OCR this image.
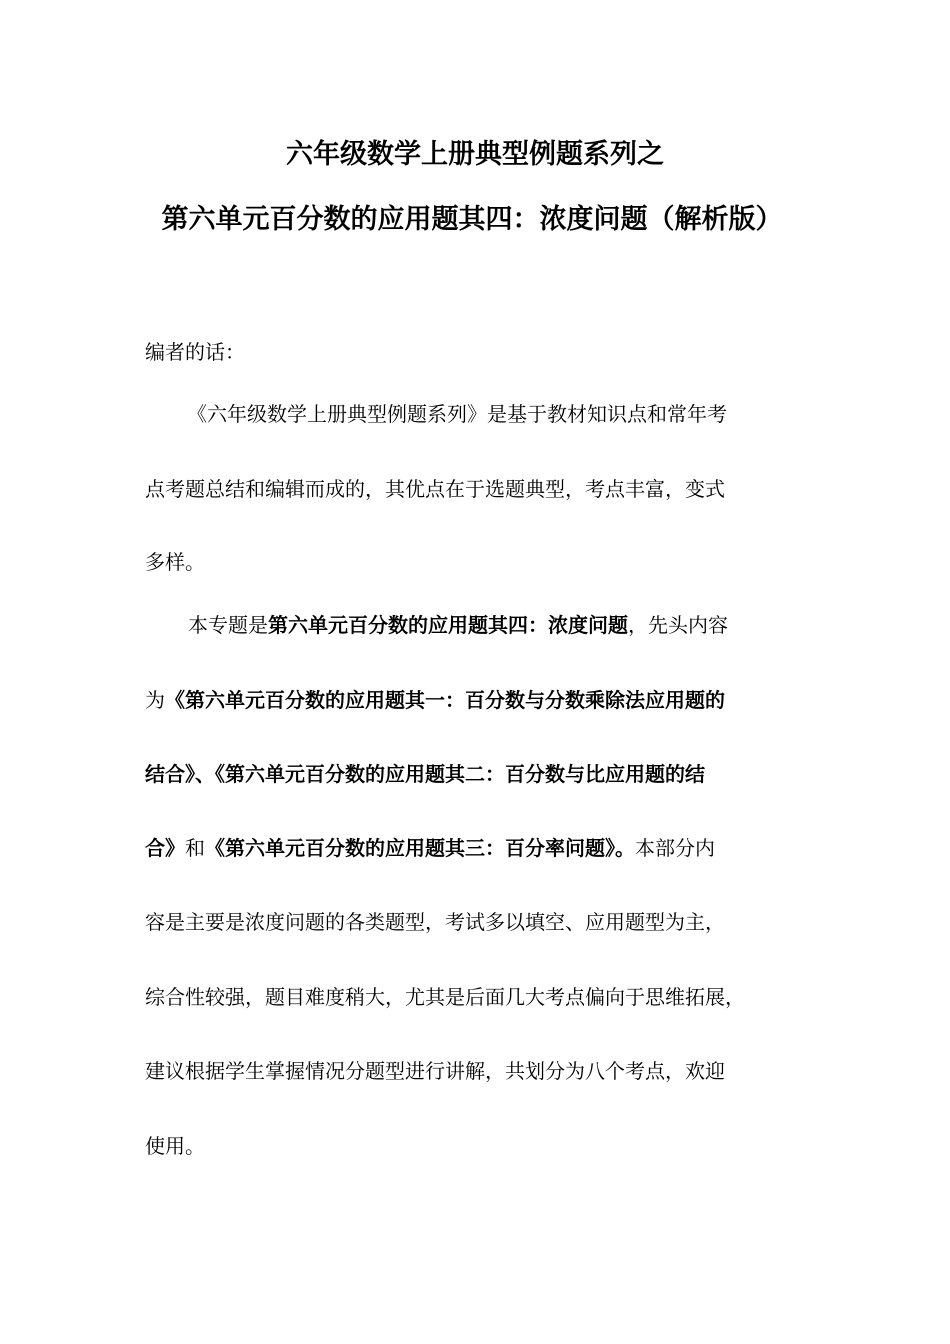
六年级数学上册典型例题系列之
第六单元百分数的应用题其四：浓度问题（解析版）
编者的话：
《六年级数学上册典型例题系列》是基于教材知识点和常年考
点考题总结和编辑而成的，其优点在于选题典型，考点丰富，变式
多样。
本专题是第六单元百分数的应用题其四：浓度问题，先头内容
为《第六单元百分数的应用题其一：百分数与分数乘除法应用题的
结合》、《第六单元百分数的应用题其二：百分数与比应用题的结
合》和《第六单元百分数的应用题其三：百分率问题》。本部分内
容是主要是浓度问题的各类题型，考试多以填空、应用题型为主，
综合性较强，题目难度稍大，尤其是后面几大考点偏向于思维拓展，
建议根据学生掌握情况分题型进行讲解，共划分为八个考点，欢迎
使用。
